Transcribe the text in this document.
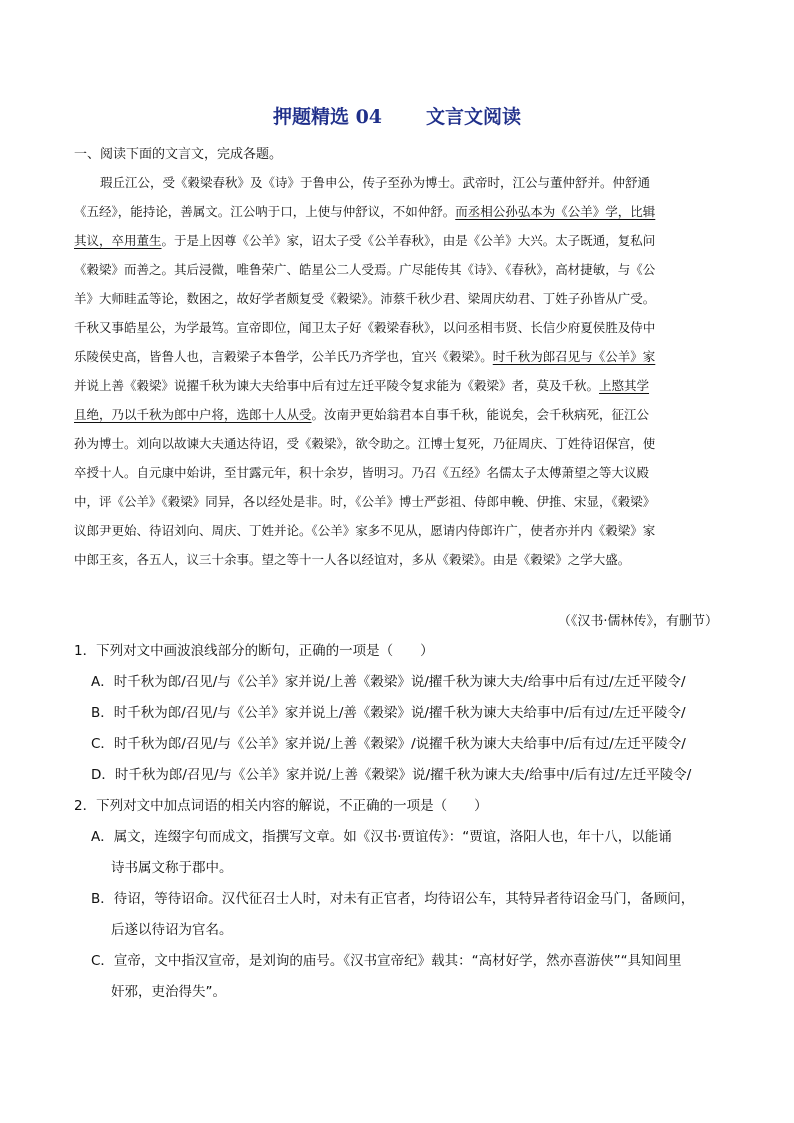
押题精选 04 文言文阅读
一、阅读下面的文言文，完成各题。
瑕丘江公，受《穀梁春秋》及《诗》于鲁申公，传子至孙为博士。武帝时，江公与董仲舒并。仲舒通
《五经》，能持论，善属文。江公呐于口，上使与仲舒议，不如仲舒。而丞相公孙弘本为《公羊》学，比辑
其议，卒用董生。于是上因尊《公羊》家，诏太子受《公羊春秋》，由是《公羊》大兴。太子既通，复私问
《穀梁》而善之。其后浸微，唯鲁荣广、皓星公二人受焉。广尽能传其《诗》、《春秋》，高材捷敏，与《公
羊》大师眭孟等论，数困之，故好学者颇复受《穀梁》。沛蔡千秋少君、梁周庆幼君、丁姓子孙皆从广受。
千秋又事皓星公，为学最笃。宣帝即位，闻卫太子好《穀梁春秋》，以问丞相韦贤、长信少府夏侯胜及侍中
乐陵侯史高，皆鲁人也，言穀梁子本鲁学，公羊氏乃齐学也，宜兴《穀梁》。时千秋为郎召见与《公羊》家
并说上善《穀梁》说擢千秋为谏大夫给事中后有过左迁平陵令复求能为《穀梁》者，莫及千秋。上愍其学
且绝，乃以千秋为郎中户将，选郎十人从受。汝南尹更始翁君本自事千秋，能说矣，会千秋病死，征江公
孙为博士。刘向以故谏大夫通达待诏，受《穀梁》，欲令助之。江博士复死，乃征周庆、丁姓待诏保宫，使
卒授十人。自元康中始讲，至甘露元年，积十余岁，皆明习。乃召《五经》名儒太子太傅萧望之等大议殿
中，评《公羊》《穀梁》同异，各以经处是非。时，《公羊》博士严彭祖、侍郎申輓、伊推、宋显，《穀梁》
议郎尹更始、待诏刘向、周庆、丁姓并论。《公羊》家多不见从，愿请内侍郎许广，使者亦并内《穀梁》家
中郎王亥，各五人，议三十余事。望之等十一人各以经谊对，多从《穀梁》。由是《穀梁》之学大盛。
（《汉书·儒林传》，有删节）
1．下列对文中画波浪线部分的断句，正确的一项是（　　）
A．时千秋为郎/召见/与《公羊》家并说/上善《穀梁》说/擢千秋为谏大夫/给事中后有过/左迁平陵令/
B．时千秋为郎/召见/与《公羊》家并说上/善《穀梁》说/擢千秋为谏大夫给事中/后有过/左迁平陵令/
C．时千秋为郎/召见/与《公羊》家并说/上善《穀梁》/说擢千秋为谏大夫给事中/后有过/左迁平陵令/
D．时千秋为郎/召见/与《公羊》家并说/上善《穀梁》说/擢千秋为谏大夫/给事中/后有过/左迁平陵令/
2．下列对文中加点词语的相关内容的解说，不正确的一项是（　　）
A．属文，连缀字句而成文，指撰写文章。如《汉书·贾谊传》：“贾谊，洛阳人也，年十八，以能诵
诗书属文称于郡中。
B．待诏，等待诏命。汉代征召士人时，对未有正官者，均待诏公车，其特异者待诏金马门，备顾问，
后遂以待诏为官名。
C．宣帝，文中指汉宣帝，是刘询的庙号。《汉书宣帝纪》载其：“高材好学，然亦喜游侠”“具知闾里
奸邪，吏治得失”。
